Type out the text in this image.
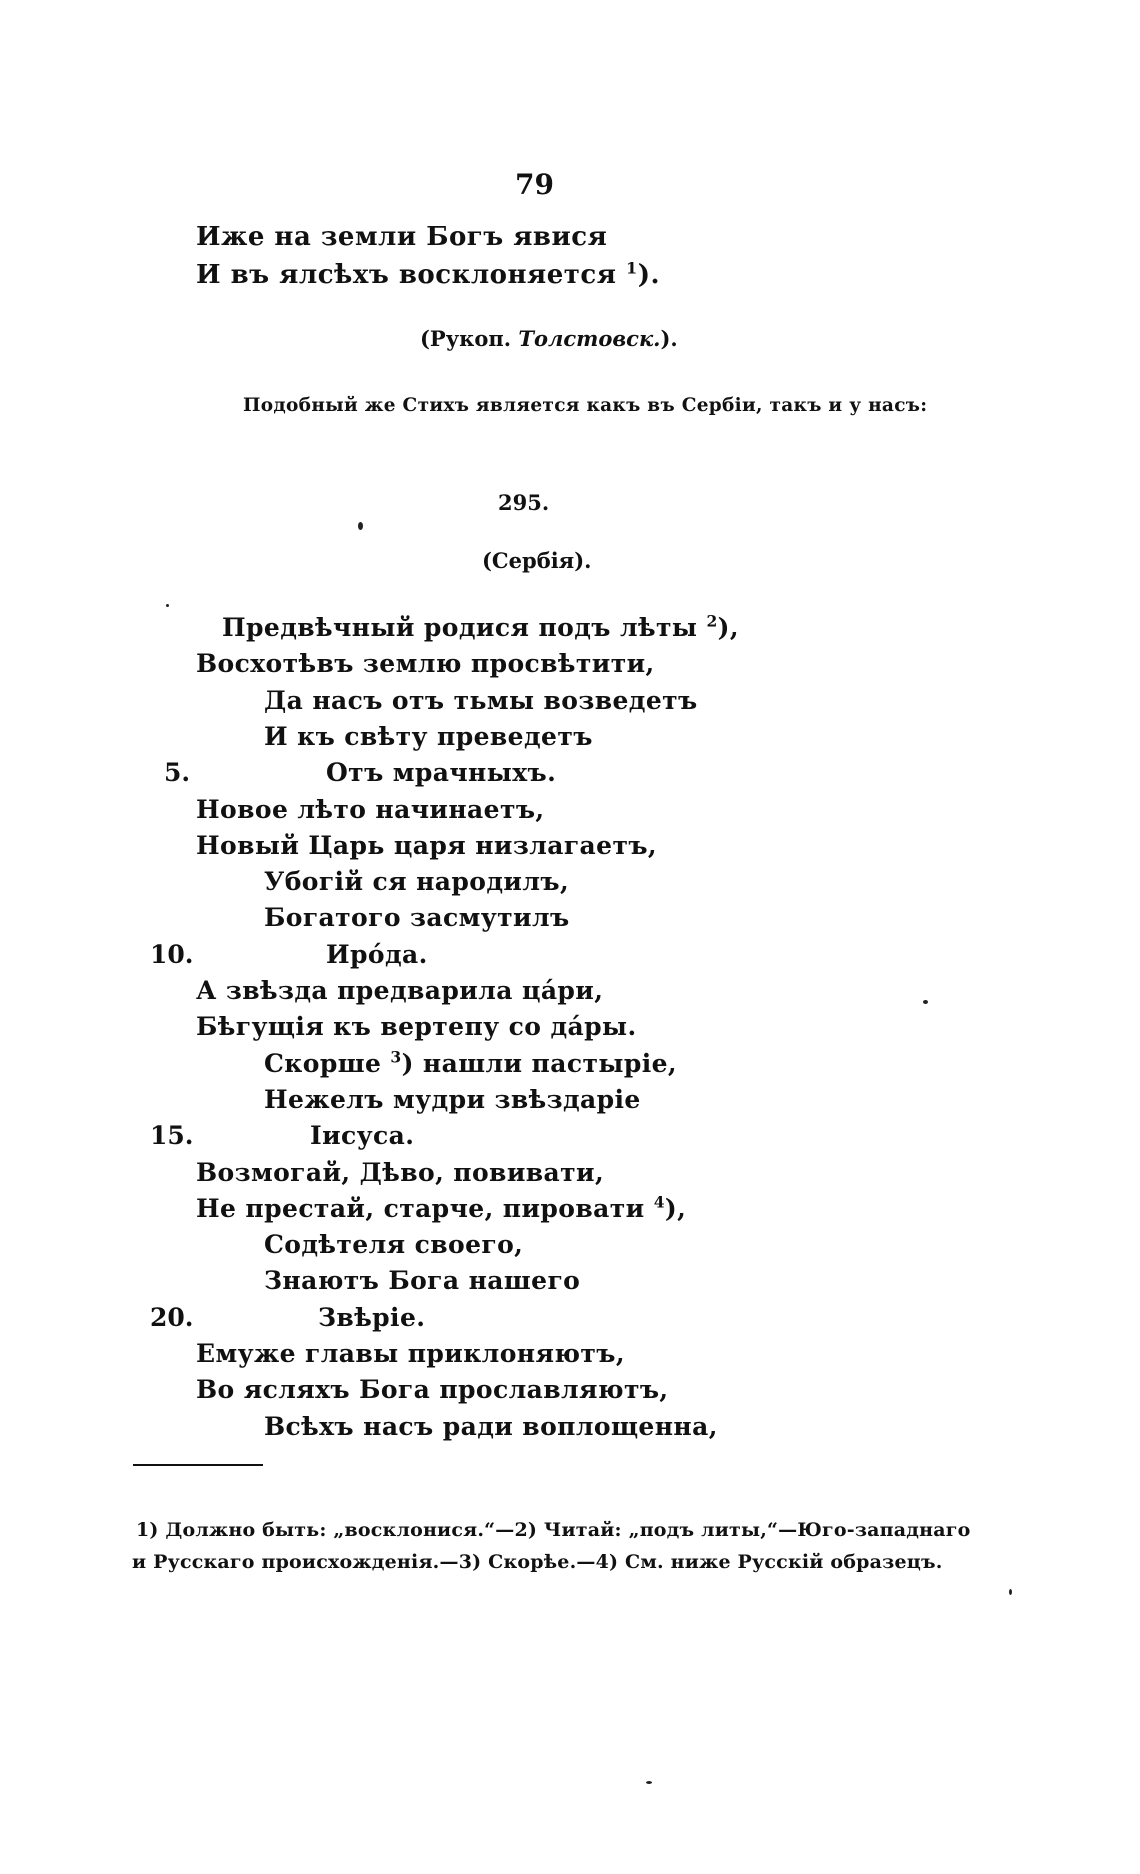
79
Иже на земли Богъ явися
И въ ялсѣхъ восклоняется $^1$).
(Рукоп. Толстовск.).
Подобный же Стихъ является какъ въ Сербіи, такъ и у насъ:
295.
(Сербія).
Предвѣчный родися подъ лѣты $^2$),
Восхотѣвъ землю просвѣтити,
Да насъ отъ тьмы возведетъ
И къ свѣту преведетъ
Отъ мрачныхъ.
5.
Новое лѣто начинаетъ,
Новый Царь царя низлагаетъ,
Убогій ся народилъ,
Богатого засмутилъ
Ирóда.
10.
А звѣзда предварила цáри,
Бѣгущія къ вертепу со дáры.
Скорше $^3$) нашли пастыріе,
Нежелъ мудри звѣздаріе
Іисуса.
15.
Возмогай, Дѣво, повивати,
Не престай, старче, пировати $^4$),
Содѣтеля своего,
Знаютъ Бога нашего
Звѣріе.
20.
Емуже главы приклоняютъ,
Во ясляхъ Бога прославляютъ,
Всѣхъ насъ ради воплощенна,
1) Должно быть: „восклонися.“—2) Читай: „подъ литы,“—Юго-западнаго
и Русскаго происхожденія.—3) Скорѣе.—4) См. ниже Русскій образецъ.
